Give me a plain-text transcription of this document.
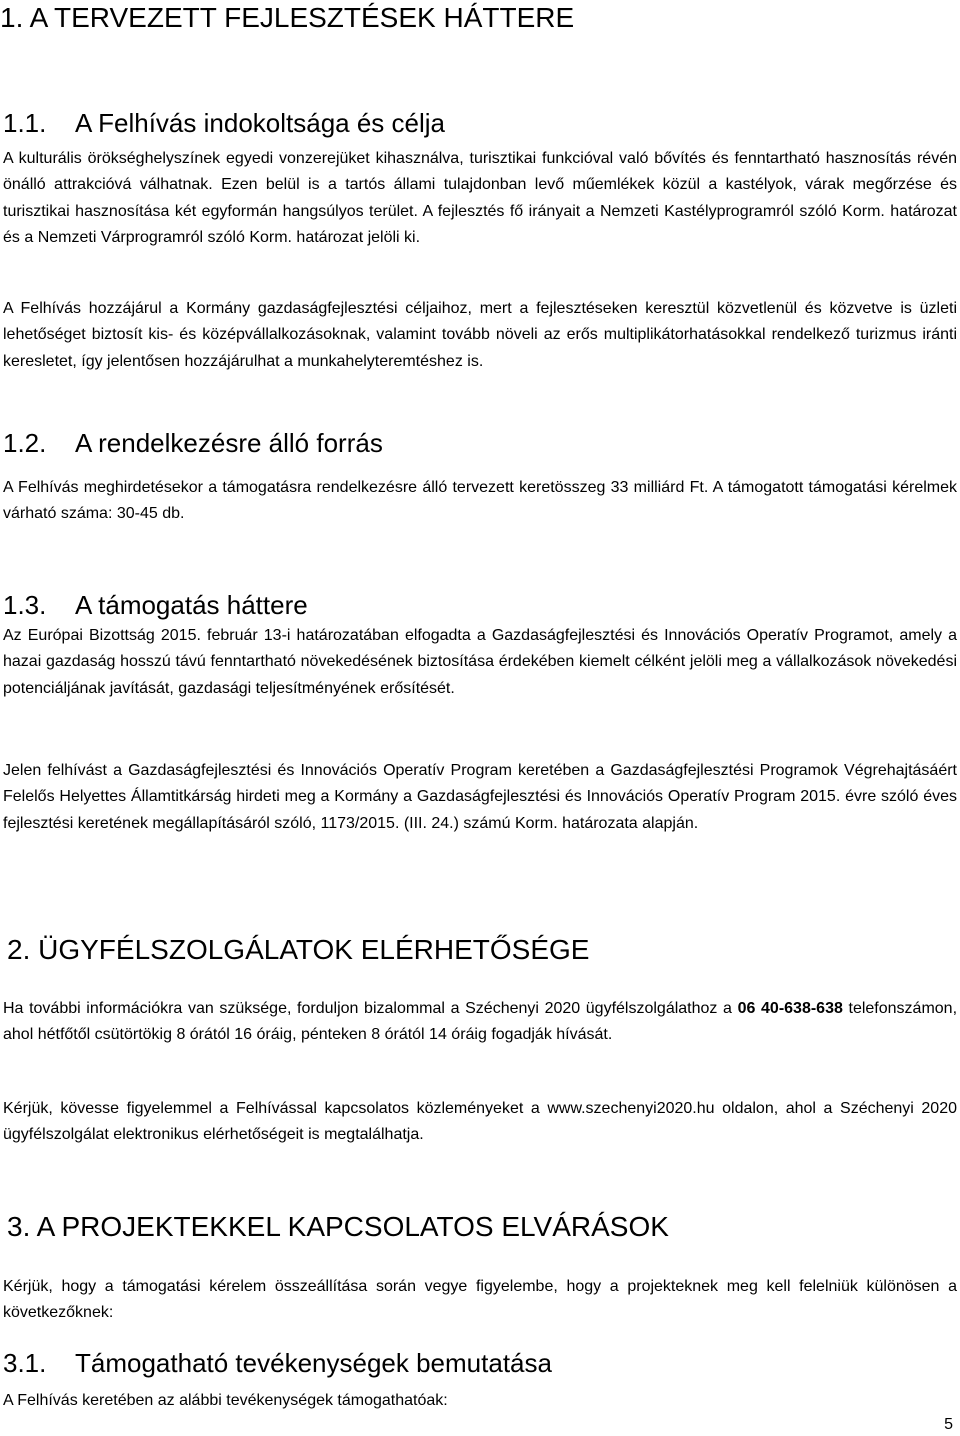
1. A TERVEZETT FEJLESZTÉSEK HÁTTERE
1.1. A Felhívás indokoltsága és célja

A kulturális örökséghelyszínek egyedi vonzerejüket kihasználva, turisztikai funkcióval való bővítés és fenntartható hasznosítás révén önálló attrakcióvá válhatnak. Ezen belül is a tartós állami tulajdonban levő műemlékek közül a kastélyok, várak megőrzése és turisztikai hasznosítása két egyformán hangsúlyos terület. A fejlesztés fő irányait a Nemzeti Kastélyprogramról szóló Korm. határozat és a Nemzeti Várprogramról szóló Korm. határozat jelöli ki.

A Felhívás hozzájárul a Kormány gazdaságfejlesztési céljaihoz, mert a fejlesztéseken keresztül közvetlenül és közvetve is üzleti lehetőséget biztosít kis- és középvállalkozásoknak, valamint tovább növeli az erős multiplikátorhatásokkal rendelkező turizmus iránti keresletet, így jelentősen hozzájárulhat a munkahelyteremtéshez is.

1.2. A rendelkezésre álló forrás

A Felhívás meghirdetésekor a támogatásra rendelkezésre álló tervezett keretösszeg 33 milliárd Ft. A támogatott támogatási kérelmek várható száma: 30-45 db.

1.3. A támogatás háttere

Az Európai Bizottság 2015. február 13-i határozatában elfogadta a Gazdaságfejlesztési és Innovációs Operatív Programot, amely a hazai gazdaság hosszú távú fenntartható növekedésének biztosítása érdekében kiemelt célként jelöli meg a vállalkozások növekedési potenciáljának javítását, gazdasági teljesítményének erősítését.

Jelen felhívást a Gazdaságfejlesztési és Innovációs Operatív Program keretében a Gazdaságfejlesztési Programok Végrehajtásáért Felelős Helyettes Államtitkárság hirdeti meg a Kormány a Gazdaságfejlesztési és Innovációs Operatív Program 2015. évre szóló éves fejlesztési keretének megállapításáról szóló, 1173/2015. (III. 24.) számú Korm. határozata alapján.

2. ÜGYFÉLSZOLGÁLATOK ELÉRHETŐSÉGE

Ha további információkra van szüksége, forduljon bizalommal a Széchenyi 2020 ügyfélszolgálathoz a 06 40-638-638 telefonszámon, ahol hétfőtől csütörtökig 8 órától 16 óráig, pénteken 8 órától 14 óráig fogadják hívását.

Kérjük, kövesse figyelemmel a Felhívással kapcsolatos közleményeket a www.szechenyi2020.hu oldalon, ahol a Széchenyi 2020 ügyfélszolgálat elektronikus elérhetőségeit is megtalálhatja.

3. A PROJEKTEKKEL KAPCSOLATOS ELVÁRÁSOK

Kérjük, hogy a támogatási kérelem összeállítása során vegye figyelembe, hogy a projekteknek meg kell felelniük különösen a következőknek:

3.1. Támogatható tevékenységek bemutatása

A Felhívás keretében az alábbi tevékenységek támogathatóak:

5
